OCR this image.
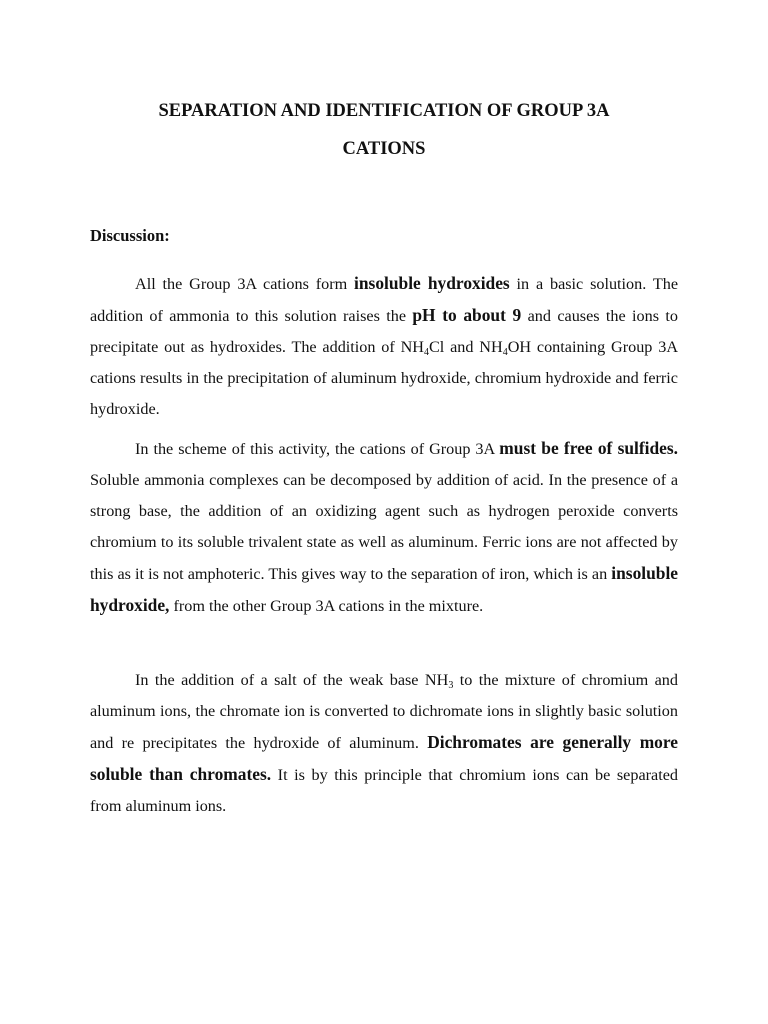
SEPARATION AND IDENTIFICATION OF GROUP 3A
CATIONS
Discussion:

All the Group 3A cations form insoluble hydroxides in a basic solution. The addition of ammonia to this solution raises the pH to about 9 and causes the ions to precipitate out as hydroxides. The addition of $NH_4Cl$ and $NH_4OH$ containing Group 3A cations results in the precipitation of aluminum hydroxide, chromium hydroxide and ferric hydroxide.

In the scheme of this activity, the cations of Group 3A must be free of sulfides. Soluble ammonia complexes can be decomposed by addition of acid. In the presence of a strong base, the addition of an oxidizing agent such as hydrogen peroxide converts chromium to its soluble trivalent state as well as aluminum. Ferric ions are not affected by this as it is not amphoteric. This gives way to the separation of iron, which is an insoluble hydroxide, from the other Group 3A cations in the mixture.

In the addition of a salt of the weak base $NH_3$ to the mixture of chromium and aluminum ions, the chromate ion is converted to dichromate ions in slightly basic solution and re precipitates the hydroxide of aluminum. Dichromates are generally more soluble than chromates. It is by this principle that chromium ions can be separated from aluminum ions.
